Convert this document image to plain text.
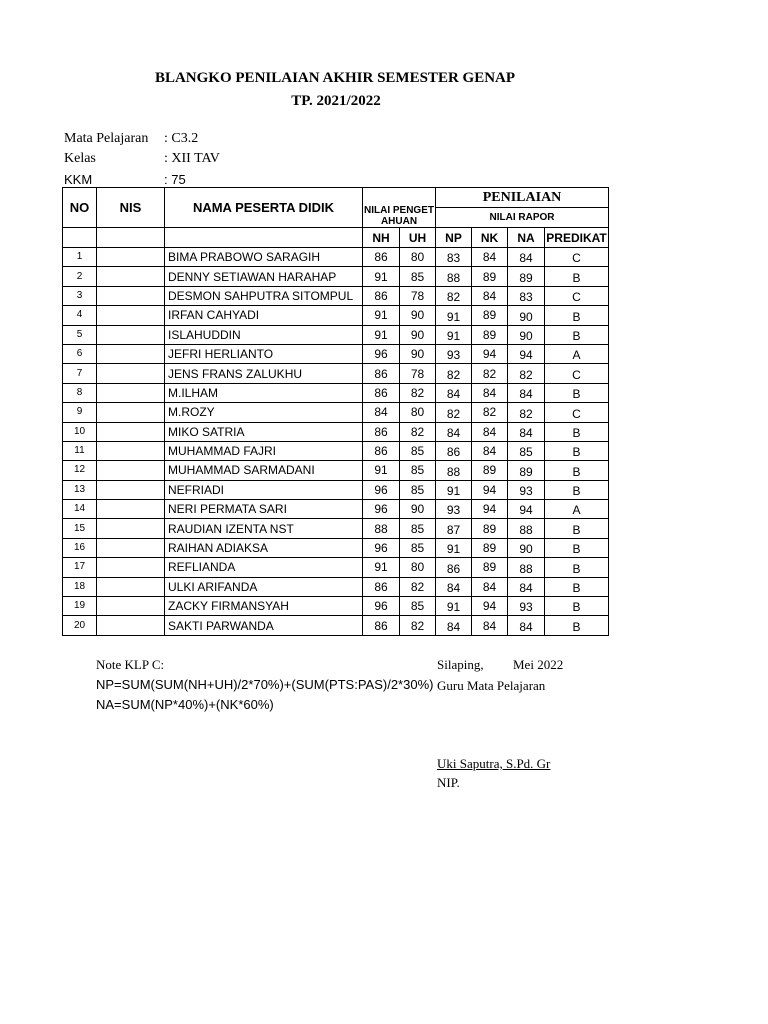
BLANGKO PENILAIAN AKHIR SEMESTER GENAP
TP. 2021/2022
Mata Pelajaran : C3.2
Kelas	: XII TAV
KKM	: 75
NO	NIS	NAMA PESERTA DIDIK	NILAI PENGETAHUAN		PENILAIAN			
					NILAI RAPOR			
			NH	UH	NP	NK	NA	PREDIKAT
1		BIMA PRABOWO SARAGIH	86	80	83	84	84	C
2		DENNY SETIAWAN HARAHAP	91	85	88	89	89	B
3		DESMON SAHPUTRA SITOMPUL	86	78	82	84	83	C
4		IRFAN CAHYADI	91	90	91	89	90	B
5		ISLAHUDDIN	91	90	91	89	90	B
6		JEFRI HERLIANTO	96	90	93	94	94	A
7		JENS FRANS ZALUKHU	86	78	82	82	82	C
8		M.ILHAM	86	82	84	84	84	B
9		M.ROZY	84	80	82	82	82	C
10		MIKO SATRIA	86	82	84	84	84	B
11		MUHAMMAD FAJRI	86	85	86	84	85	B
12		MUHAMMAD SARMADANI	91	85	88	89	89	B
13		NEFRIADI	96	85	91	94	93	B
14		NERI PERMATA SARI	96	90	93	94	94	A
15		RAUDIAN IZENTA NST	88	85	87	89	88	B
16		RAIHAN ADIAKSA	96	85	91	89	90	B
17		REFLIANDA	91	80	86	89	88	B
18		ULKI ARIFANDA	86	82	84	84	84	B
19		ZACKY FIRMANSYAH	96	85	91	94	93	B
20		SAKTI PARWANDA	86	82	84	84	84	B
Note KLP C:
NP=SUM(SUM(NH+UH)/2*70%)+(SUM(PTS:PAS)/2*30%)
NA=SUM(NP*40%)+(NK*60%)
Silaping, Mei 2022
Guru Mata Pelajaran
Uki Saputra, S.Pd. Gr
NIP.
